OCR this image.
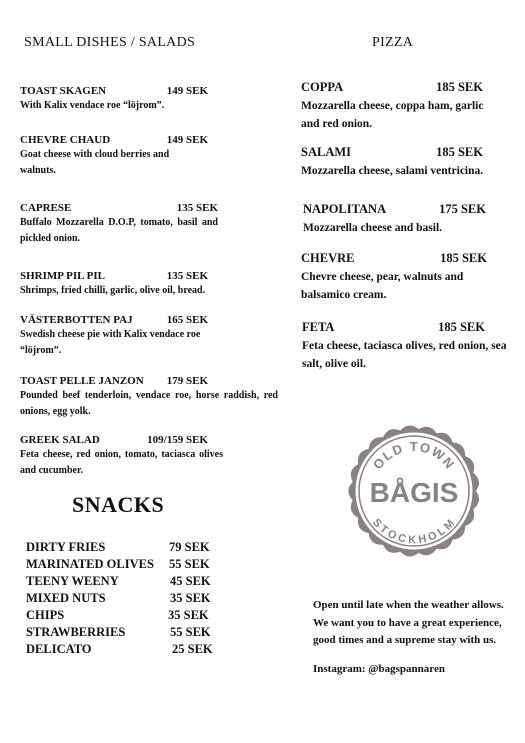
SMALL DISHES / SALADS	PIZZA
TOAST SKAGEN	149 SEK
With Kalix vendace roe “löjrom”.
CHEVRE CHAUD	149 SEK
Goat cheese with cloud berries and walnuts.
CAPRESE	135 SEK
Buffalo Mozzarella D.O.P, tomato, basil and pickled onion.
SHRIMP PIL PIL	135 SEK
Shrimps, fried chilli, garlic, olive oil, bread.
VÄSTERBOTTEN PAJ	165 SEK
Swedish cheese pie with Kalix vendace roe “löjrom”.
TOAST PELLE JANZON 179 SEK
Pounded beef tenderloin, vendace roe, horse raddish, red onions, egg yolk.
GREEK SALAD	109/159 SEK
Feta cheese, red onion, tomato, taciasca olives and cucumber.
COPPA	185 SEK
Mozzarella cheese, coppa ham, garlic and red onion.
SALAMI	185 SEK
Mozzarella cheese, salami ventricina.
NAPOLITANA	175 SEK
Mozzarella cheese and basil.
CHEVRE	185 SEK
Chevre cheese, pear, walnuts and balsamico cream.
FETA	185 SEK
Feta cheese, taciasca olives, red onion, sea salt, olive oil.
OLD TOWN
BÅGIS
STOCKHOLM
SNACKS
DIRTY FRIES	79 SEK
MARINATED OLIVES 55 SEK
TEENY WEENY	45 SEK
MIXED NUTS	35 SEK
CHIPS	35 SEK
STRAWBERRIES	55 SEK
DELICATO	25 SEK
Open until late when the weather allows.
We want you to have a great experience,
good times and a supreme stay with us.
Instagram: @bagspannaren
